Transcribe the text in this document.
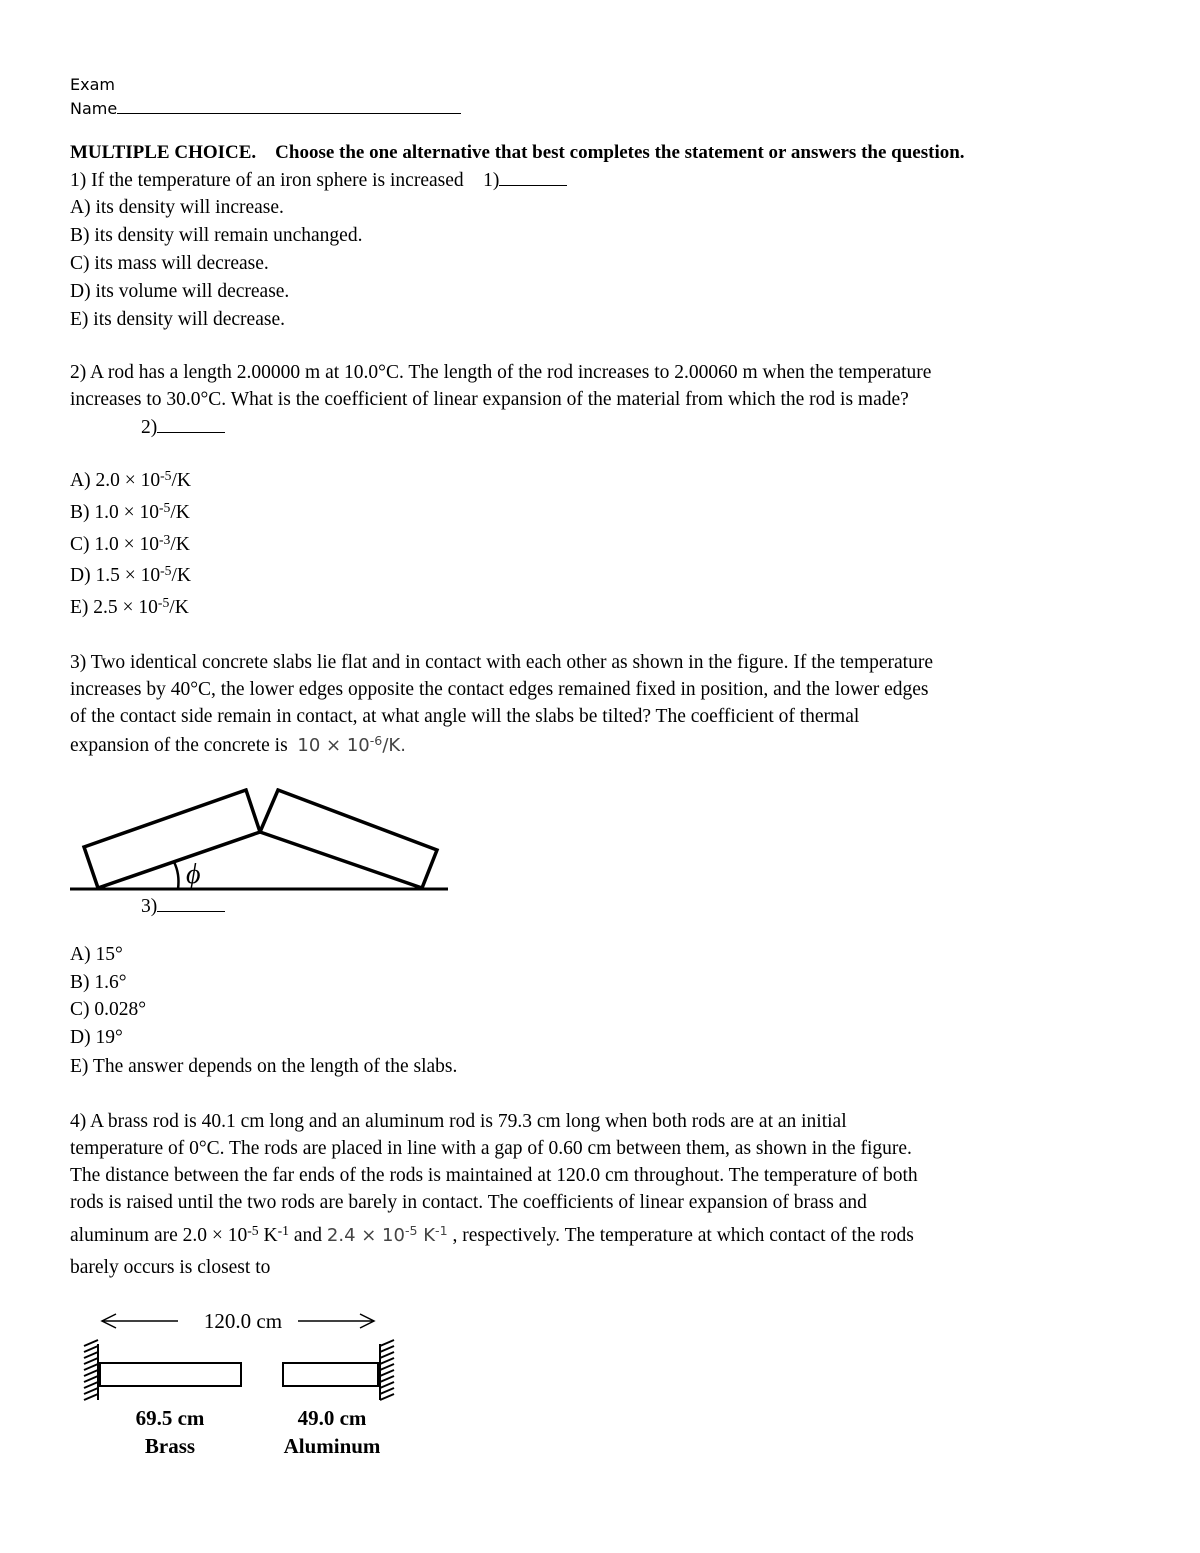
Exam
Name
MULTIPLE CHOICE. Choose the one alternative that best completes the statement or answers the question.
1) If the temperature of an iron sphere is increased 1)
A) its density will increase.
B) its density will remain unchanged.
C) its mass will decrease.
D) its volume will decrease.
E) its density will decrease.
2) A rod has a length 2.00000 m at 10.0°C. The length of the rod increases to 2.00060 m when the temperature
increases to 30.0°C. What is the coefficient of linear expansion of the material from which the rod is made?
2)
A) $2.0 \times 10^{-5}/K$
B) $1.0 \times 10^{-5}/K$
C) $1.0 \times 10^{-3}/K$
D) $1.5 \times 10^{-5}/K$
E) $2.5 \times 10^{-5}/K$
3) Two identical concrete slabs lie flat and in contact with each other as shown in the figure. If the temperature
increases by 40°C, the lower edges opposite the contact edges remained fixed in position, and the lower edges
of the contact side remain in contact, at what angle will the slabs be tilted? The coefficient of thermal
expansion of the concrete is $10 \times 10^{-6}/K$.
ϕ
3)
A) 15°
B) 1.6°
C) 0.028°
D) 19°
E) The answer depends on the length of the slabs.
4) A brass rod is 40.1 cm long and an aluminum rod is 79.3 cm long when both rods are at an initial
temperature of 0°C. The rods are placed in line with a gap of 0.60 cm between them, as shown in the figure.
The distance between the far ends of the rods is maintained at 120.0 cm throughout. The temperature of both
rods is raised until the two rods are barely in contact. The coefficients of linear expansion of brass and
aluminum are $2.0 \times 10^{-5}$ $K^{-1}$ and $2.4 \times 10^{-5}$ $K^{-1}$ , respectively. The temperature at which contact of the rods
barely occurs is closest to
120.0 cm
69.5 cm
Brass
49.0 cm
Aluminum
